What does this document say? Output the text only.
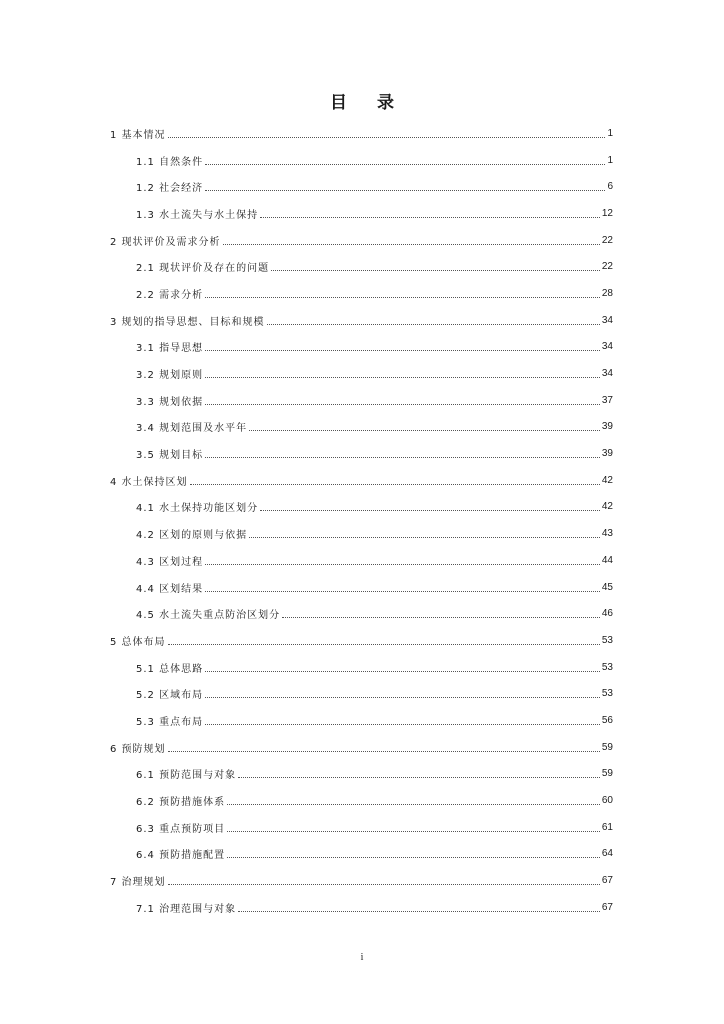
目 录
1 基本情况	1
1.1 自然条件	1
1.2 社会经济	6
1.3 水土流失与水土保持	12
2 现状评价及需求分析	22
2.1 现状评价及存在的问题	22
2.2 需求分析	28
3 规划的指导思想、目标和规模	34
3.1 指导思想	34
3.2 规划原则	34
3.3 规划依据	37
3.4 规划范围及水平年	39
3.5 规划目标	39
4 水土保持区划	42
4.1 水土保持功能区划分	42
4.2 区划的原则与依据	43
4.3 区划过程	44
4.4 区划结果	45
4.5 水土流失重点防治区划分	46
5 总体布局	53
5.1 总体思路	53
5.2 区域布局	53
5.3 重点布局	56
6 预防规划	59
6.1 预防范围与对象	59
6.2 预防措施体系	60
6.3 重点预防项目	61
6.4 预防措施配置	64
7 治理规划	67
7.1 治理范围与对象	67
i
